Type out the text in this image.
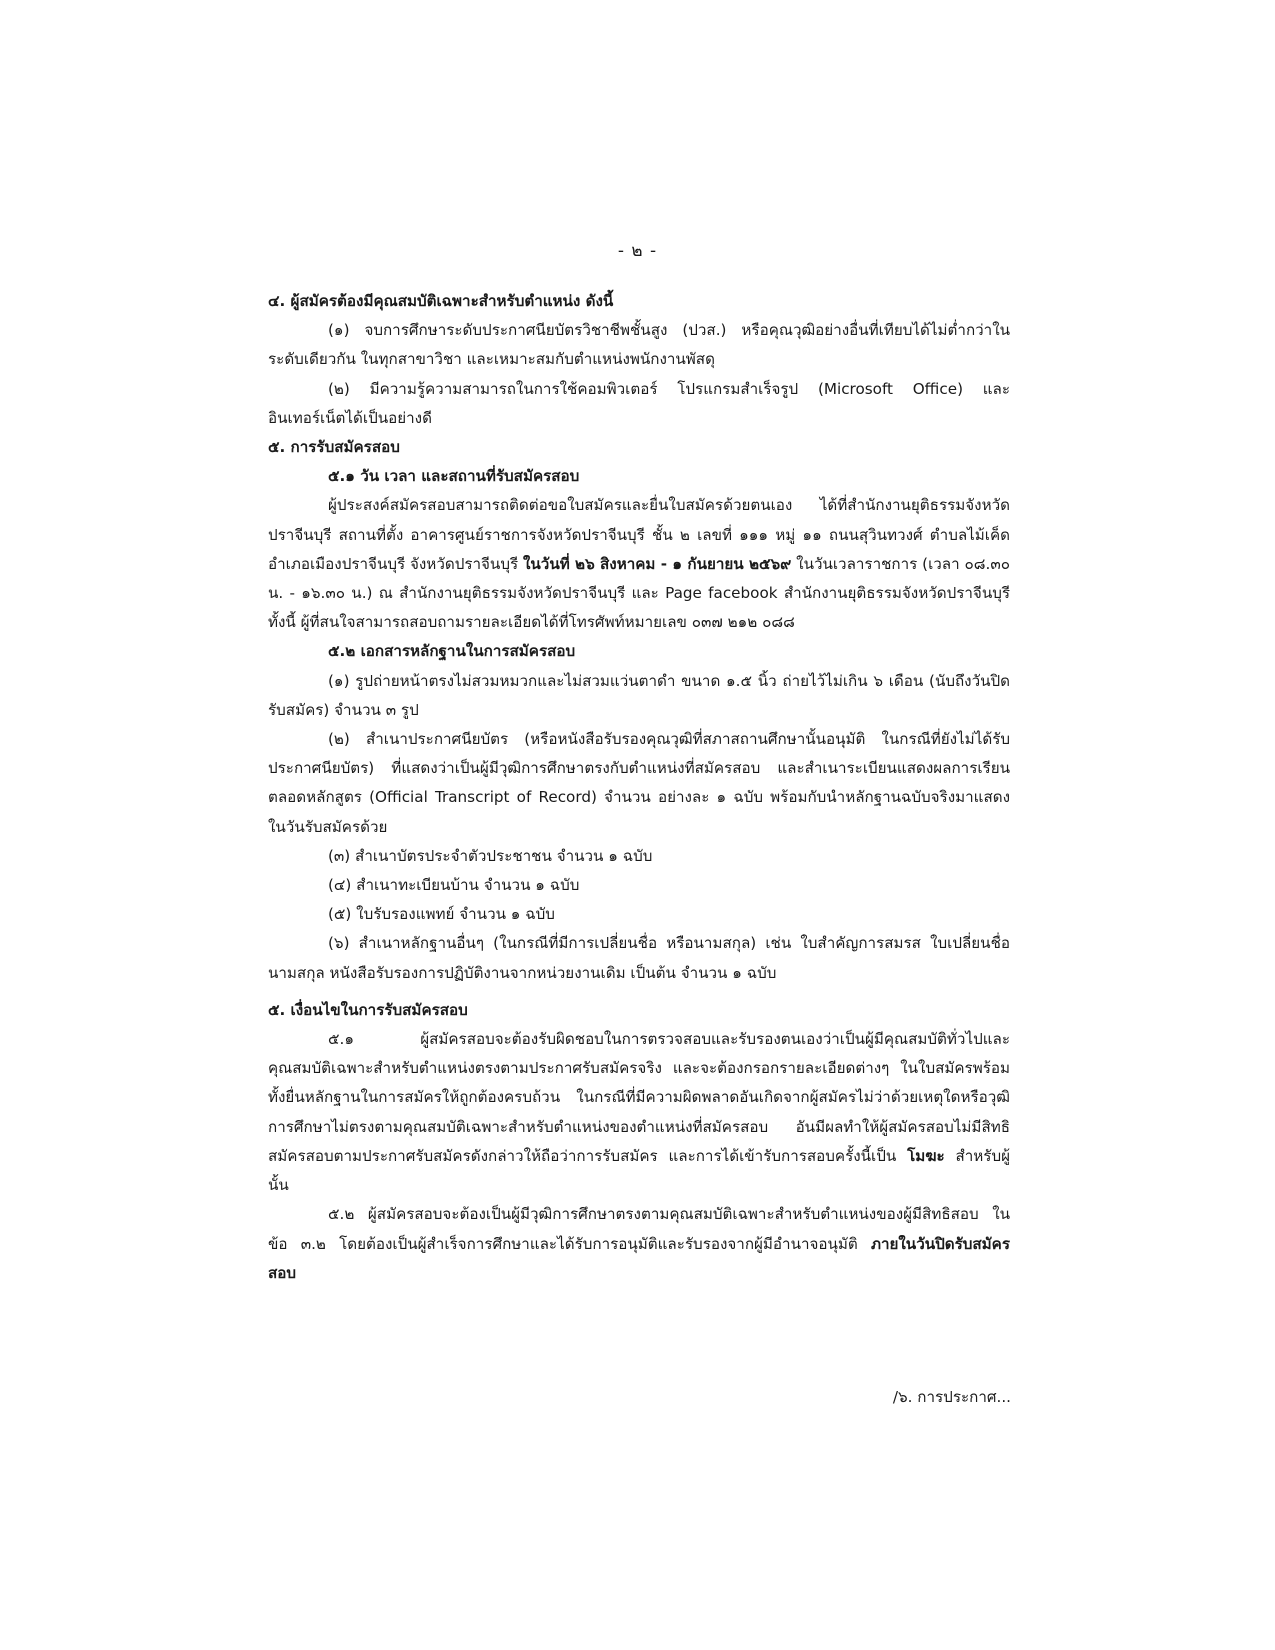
- ๒ -

๔. ผู้สมัครต้องมีคุณสมบัติเฉพาะสำหรับตำแหน่ง ดังนี้

(๑) จบการศึกษาระดับประกาศนียบัตรวิชาชีพชั้นสูง (ปวส.) หรือคุณวุฒิอย่างอื่นที่เทียบได้ไม่ต่ำกว่าในระดับเดียวกัน ในทุกสาขาวิชา และเหมาะสมกับตำแหน่งพนักงานพัสดุ

(๒) มีความรู้ความสามารถในการใช้คอมพิวเตอร์ โปรแกรมสำเร็จรูป (Microsoft Office) และอินเทอร์เน็ตได้เป็นอย่างดี

๕. การรับสมัครสอบ

๕.๑ วัน เวลา และสถานที่รับสมัครสอบ

ผู้ประสงค์สมัครสอบสามารถติดต่อขอใบสมัครและยื่นใบสมัครด้วยตนเอง ได้ที่สำนักงานยุติธรรมจังหวัดปราจีนบุรี สถานที่ตั้ง อาคารศูนย์ราชการจังหวัดปราจีนบุรี ชั้น ๒ เลขที่ ๑๑๑ หมู่ ๑๑ ถนนสุวินทวงศ์ ตำบลไม้เค็ด อำเภอเมืองปราจีนบุรี จังหวัดปราจีนบุรี ในวันที่ ๒๖ สิงหาคม - ๑ กันยายน ๒๕๖๙ ในวันเวลาราชการ (เวลา ๐๘.๓๐ น. - ๑๖.๓๐ น.) ณ สำนักงานยุติธรรมจังหวัดปราจีนบุรี และ Page facebook สำนักงานยุติธรรมจังหวัดปราจีนบุรี ทั้งนี้ ผู้ที่สนใจสามารถสอบถามรายละเอียดได้ที่โทรศัพท์หมายเลข ๐๓๗ ๒๑๒ ๐๘๘

๕.๒ เอกสารหลักฐานในการสมัครสอบ

(๑) รูปถ่ายหน้าตรงไม่สวมหมวกและไม่สวมแว่นตาดำ ขนาด ๑.๕ นิ้ว ถ่ายไว้ไม่เกิน ๖ เดือน (นับถึงวันปิดรับสมัคร) จำนวน ๓ รูป

(๒) สำเนาประกาศนียบัตร (หรือหนังสือรับรองคุณวุฒิที่สภาสถานศึกษานั้นอนุมัติ ในกรณีที่ยังไม่ได้รับประกาศนียบัตร) ที่แสดงว่าเป็นผู้มีวุฒิการศึกษาตรงกับตำแหน่งที่สมัครสอบ และสำเนาระเบียนแสดงผลการเรียนตลอดหลักสูตร (Official Transcript of Record) จำนวน อย่างละ ๑ ฉบับ พร้อมกับนำหลักฐานฉบับจริงมาแสดง ในวันรับสมัครด้วย

(๓) สำเนาบัตรประจำตัวประชาชน จำนวน ๑ ฉบับ

(๔) สำเนาทะเบียนบ้าน จำนวน ๑ ฉบับ

(๕) ใบรับรองแพทย์ จำนวน ๑ ฉบับ

(๖) สำเนาหลักฐานอื่นๆ (ในกรณีที่มีการเปลี่ยนชื่อ หรือนามสกุล) เช่น ใบสำคัญการสมรส ใบเปลี่ยนชื่อ นามสกุล หนังสือรับรองการปฏิบัติงานจากหน่วยงานเดิม เป็นต้น จำนวน ๑ ฉบับ

๕. เงื่อนไขในการรับสมัครสอบ

๕.๑ ผู้สมัครสอบจะต้องรับผิดชอบในการตรวจสอบและรับรองตนเองว่าเป็นผู้มีคุณสมบัติทั่วไปและคุณสมบัติเฉพาะสำหรับตำแหน่งตรงตามประกาศรับสมัครจริง และจะต้องกรอกรายละเอียดต่างๆ ในใบสมัครพร้อมทั้งยื่นหลักฐานในการสมัครให้ถูกต้องครบถ้วน ในกรณีที่มีความผิดพลาดอันเกิดจากผู้สมัครไม่ว่าด้วยเหตุใดหรือวุฒิการศึกษาไม่ตรงตามคุณสมบัติเฉพาะสำหรับตำแหน่งของตำแหน่งที่สมัครสอบ อันมีผลทำให้ผู้สมัครสอบไม่มีสิทธิสมัครสอบตามประกาศรับสมัครดังกล่าวให้ถือว่าการรับสมัคร และการได้เข้ารับการสอบครั้งนี้เป็น โมฆะ สำหรับผู้นั้น

๕.๒ ผู้สมัครสอบจะต้องเป็นผู้มีวุฒิการศึกษาตรงตามคุณสมบัติเฉพาะสำหรับตำแหน่งของผู้มีสิทธิสอบ ในข้อ ๓.๒ โดยต้องเป็นผู้สำเร็จการศึกษาและได้รับการอนุมัติและรับรองจากผู้มีอำนาจอนุมัติ ภายในวันปิดรับสมัครสอบ

/๖. การประกาศ...
